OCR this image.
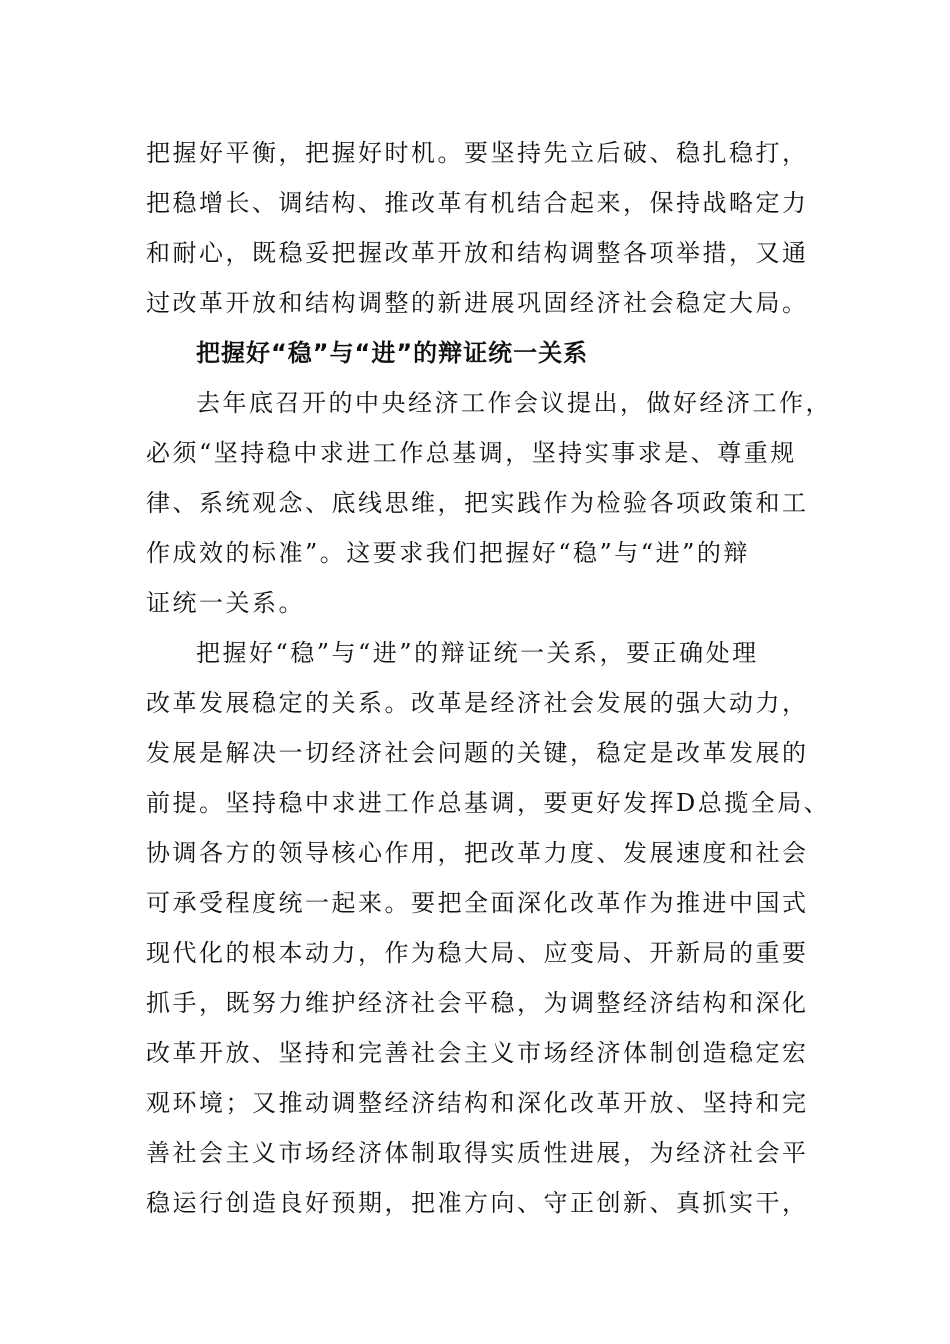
把握好平衡，把握好时机。要坚持先立后破、稳扎稳打，
把稳增长、调结构、推改革有机结合起来，保持战略定力
和耐心，既稳妥把握改革开放和结构调整各项举措，又通
过改革开放和结构调整的新进展巩固经济社会稳定大局。
把握好“稳”与“进”的辩证统一关系
去年底召开的中央经济工作会议提出，做好经济工作，
必须“坚持稳中求进工作总基调，坚持实事求是、尊重规
律、系统观念、底线思维，把实践作为检验各项政策和工
作成效的标准”。这要求我们把握好“稳”与“进”的辩
证统一关系。
把握好“稳”与“进”的辩证统一关系，要正确处理
改革发展稳定的关系。改革是经济社会发展的强大动力，
发展是解决一切经济社会问题的关键，稳定是改革发展的
前提。坚持稳中求进工作总基调，要更好发挥D总揽全局、
协调各方的领导核心作用，把改革力度、发展速度和社会
可承受程度统一起来。要把全面深化改革作为推进中国式
现代化的根本动力，作为稳大局、应变局、开新局的重要
抓手，既努力维护经济社会平稳，为调整经济结构和深化
改革开放、坚持和完善社会主义市场经济体制创造稳定宏
观环境；又推动调整经济结构和深化改革开放、坚持和完
善社会主义市场经济体制取得实质性进展，为经济社会平
稳运行创造良好预期，把准方向、守正创新、真抓实干，
